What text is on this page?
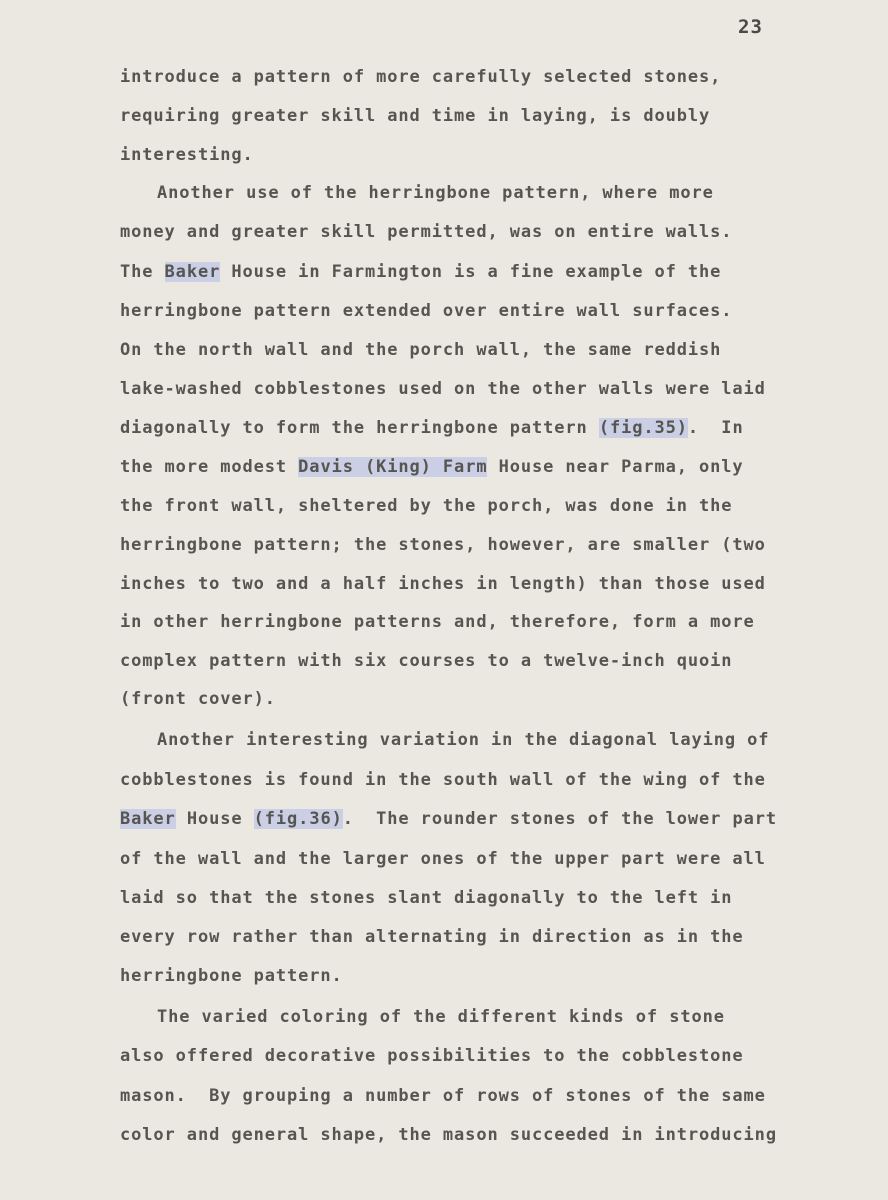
23
introduce a pattern of more carefully selected stones,
requiring greater skill and time in laying, is doubly
interesting.
Another use of the herringbone pattern, where more
money and greater skill permitted, was on entire walls.
The Baker House in Farmington is a fine example of the
herringbone pattern extended over entire wall surfaces.
On the north wall and the porch wall, the same reddish
lake-washed cobblestones used on the other walls were laid
diagonally to form the herringbone pattern (fig.35).  In
the more modest Davis (King) Farm House near Parma, only
the front wall, sheltered by the porch, was done in the
herringbone pattern; the stones, however, are smaller (two
inches to two and a half inches in length) than those used
in other herringbone patterns and, therefore, form a more
complex pattern with six courses to a twelve-inch quoin
(front cover).
Another interesting variation in the diagonal laying of
cobblestones is found in the south wall of the wing of the
Baker House (fig.36).  The rounder stones of the lower part
of the wall and the larger ones of the upper part were all
laid so that the stones slant diagonally to the left in
every row rather than alternating in direction as in the
herringbone pattern.
The varied coloring of the different kinds of stone
also offered decorative possibilities to the cobblestone
mason.  By grouping a number of rows of stones of the same
color and general shape, the mason succeeded in introducing
